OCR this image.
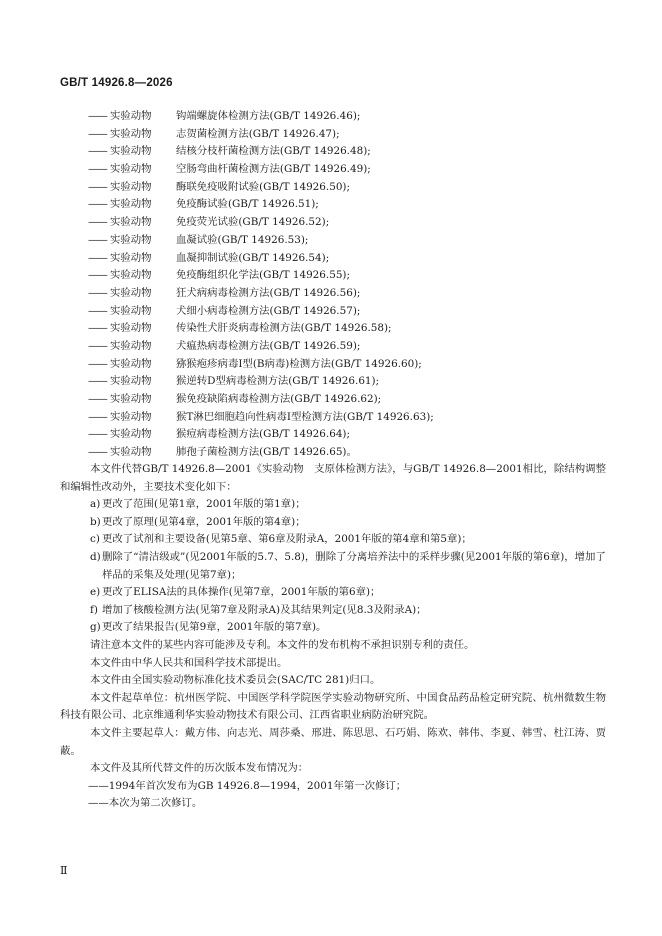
GB/T 14926.8—2026
—— 实验动物 钩端螺旋体检测方法(GB/T 14926.46);
—— 实验动物 志贺菌检测方法(GB/T 14926.47);
—— 实验动物 结核分枝杆菌检测方法(GB/T 14926.48);
—— 实验动物 空肠弯曲杆菌检测方法(GB/T 14926.49);
—— 实验动物 酶联免疫吸附试验(GB/T 14926.50);
—— 实验动物 免疫酶试验(GB/T 14926.51);
—— 实验动物 免疫荧光试验(GB/T 14926.52);
—— 实验动物 血凝试验(GB/T 14926.53);
—— 实验动物 血凝抑制试验(GB/T 14926.54);
—— 实验动物 免疫酶组织化学法(GB/T 14926.55);
—— 实验动物 狂犬病病毒检测方法(GB/T 14926.56);
—— 实验动物 犬细小病毒检测方法(GB/T 14926.57);
—— 实验动物 传染性犬肝炎病毒检测方法(GB/T 14926.58);
—— 实验动物 犬瘟热病毒检测方法(GB/T 14926.59);
—— 实验动物 猕猴疱疹病毒Ⅰ型(B病毒)检测方法(GB/T 14926.60);
—— 实验动物 猴逆转D型病毒检测方法(GB/T 14926.61);
—— 实验动物 猴免疫缺陷病毒检测方法(GB/T 14926.62);
—— 实验动物 猴T淋巴细胞趋向性病毒Ⅰ型检测方法(GB/T 14926.63);
—— 实验动物 猴痘病毒检测方法(GB/T 14926.64);
—— 实验动物 肺孢子菌检测方法(GB/T 14926.65)。
本文件代替GB/T 14926.8—2001《实验动物　支原体检测方法》，与GB/T 14926.8—2001相比，除结构调整和编辑性改动外，主要技术变化如下：
a) 更改了范围(见第1章，2001年版的第1章)；
b) 更改了原理(见第4章，2001年版的第4章)；
c) 更改了试剂和主要设备(见第5章、第6章及附录A，2001年版的第4章和第5章)；
d) 删除了“清洁级或”(见2001年版的5.7、5.8)，删除了分离培养法中的采样步骤(见2001年版的第6章)，增加了样品的采集及处理(见第7章)；
e) 更改了ELISA法的具体操作(见第7章，2001年版的第6章)；
f) 增加了核酸检测方法(见第7章及附录A)及其结果判定(见8.3及附录A)；
g) 更改了结果报告(见第9章，2001年版的第7章)。
请注意本文件的某些内容可能涉及专利。本文件的发布机构不承担识别专利的责任。
本文件由中华人民共和国科学技术部提出。
本文件由全国实验动物标准化技术委员会(SAC/TC 281)归口。
本文件起草单位：杭州医学院、中国医学科学院医学实验动物研究所、中国食品药品检定研究院、杭州微数生物科技有限公司、北京维通利华实验动物技术有限公司、江西省职业病防治研究院。
本文件主要起草人：戴方伟、向志光、周莎桑、邢进、陈思思、石巧娟、陈欢、韩伟、李夏、韩雪、杜江涛、贾蔽。
本文件及其所代替文件的历次版本发布情况为：
——1994年首次发布为GB 14926.8—1994，2001年第一次修订；
——本次为第二次修订。
Ⅱ
